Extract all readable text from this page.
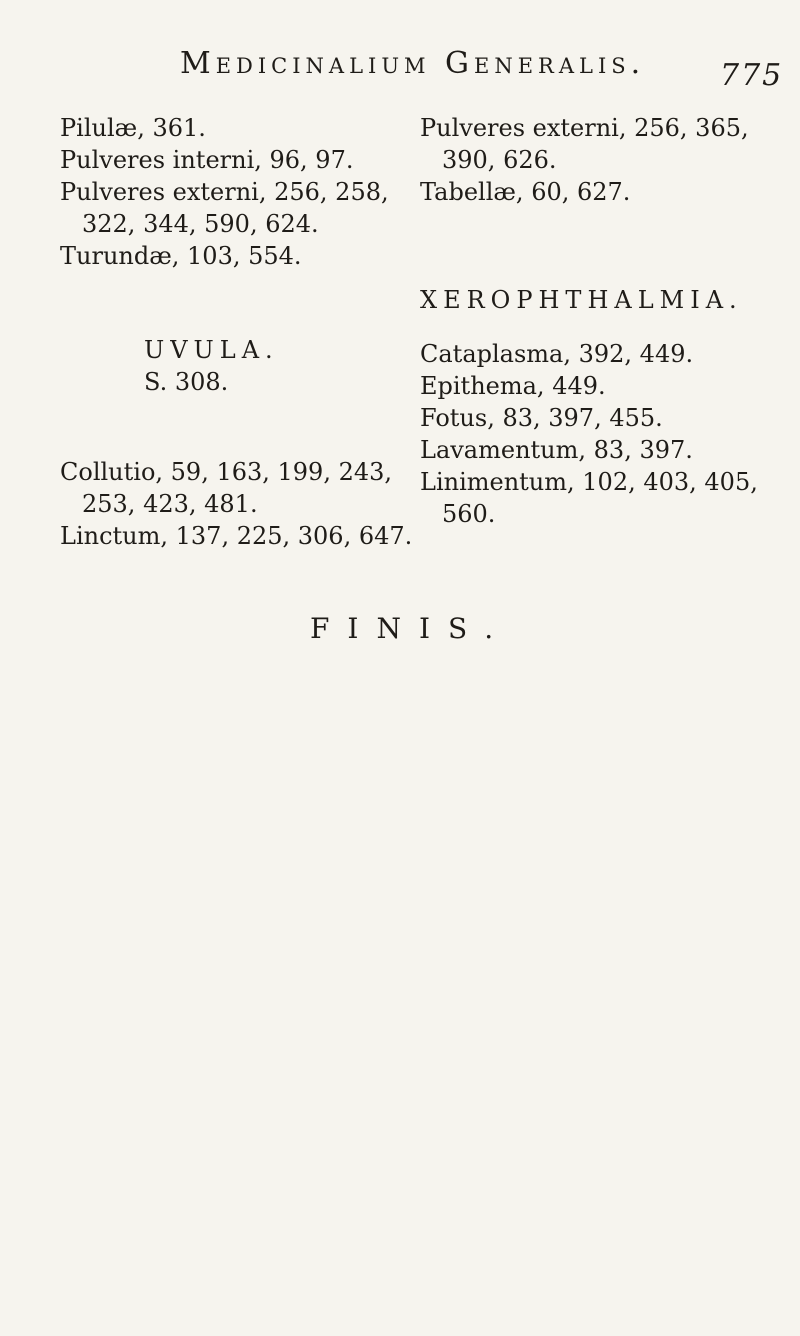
Medicinalium Generalis. 775

Pilulæ, 361.

Pulveres interni, 96, 97.

Pulveres externi, 256, 258,
322, 344, 590, 624.

Turundæ, 103, 554.

UVULA.

S. 308.

Collutio, 59, 163, 199, 243,
253, 423, 481.

Linctum, 137, 225, 306, 647.

Pulveres externi, 256, 365,
390, 626.

Tabellæ, 60, 627.

XEROPHTHALMIA.

Cataplasma, 392, 449.

Epithema, 449.

Fotus, 83, 397, 455.

Lavamentum, 83, 397.

Linimentum, 102, 403, 405,
560.

FINIS.
